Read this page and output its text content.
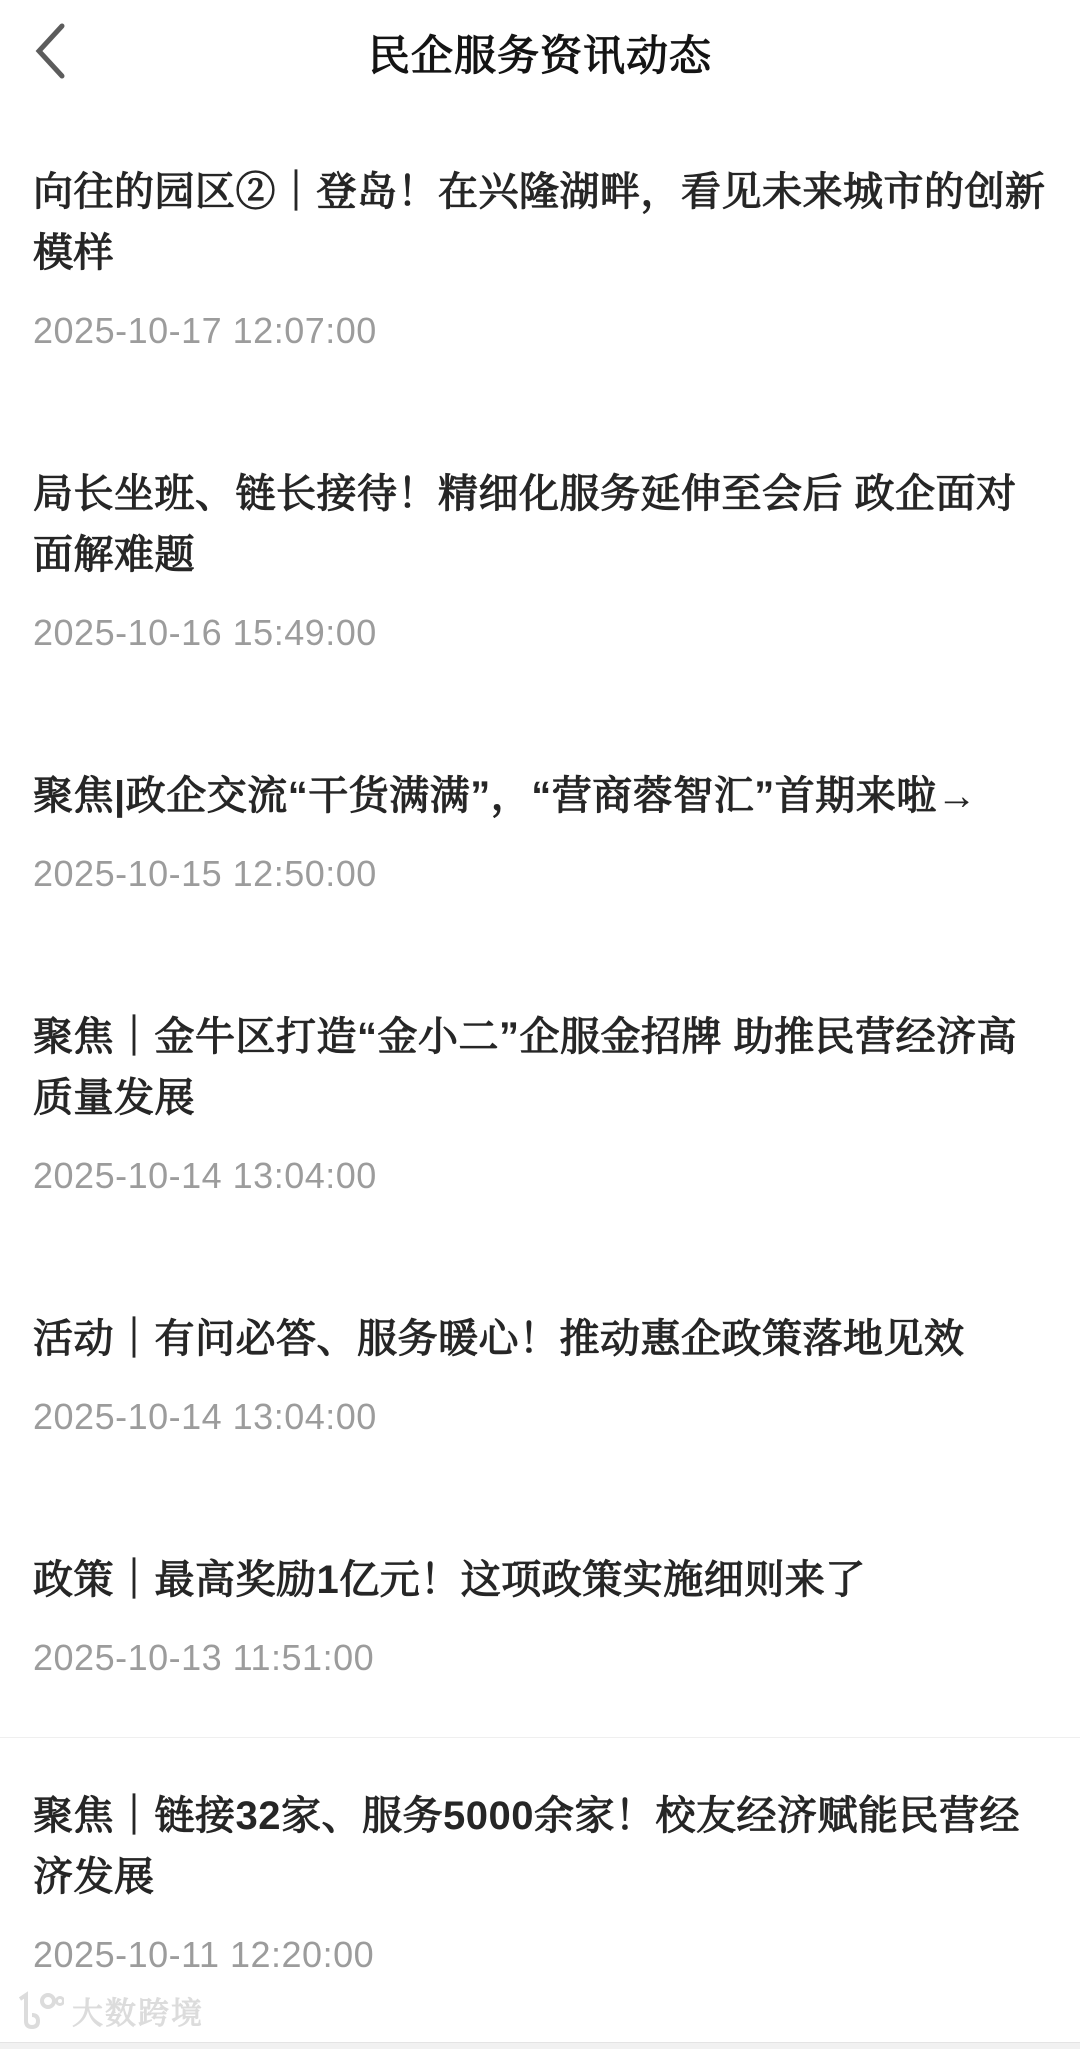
民企服务资讯动态
向往的园区②｜登岛！在兴隆湖畔，看见未来城市的创新模样
2025-10-17 12:07:00
局长坐班、链长接待！精细化服务延伸至会后 政企面对面解难题
2025-10-16 15:49:00
聚焦|政企交流“干货满满”，“营商蓉智汇”首期来啦→
2025-10-15 12:50:00
聚焦｜金牛区打造“金小二”企服金招牌 助推民营经济高质量发展
2025-10-14 13:04:00
活动｜有问必答、服务暖心！推动惠企政策落地见效
2025-10-14 13:04:00
政策｜最高奖励1亿元！这项政策实施细则来了
2025-10-13 11:51:00
聚焦｜链接32家、服务5000余家！校友经济赋能民营经济发展
2025-10-11 12:20:00
大数跨境
